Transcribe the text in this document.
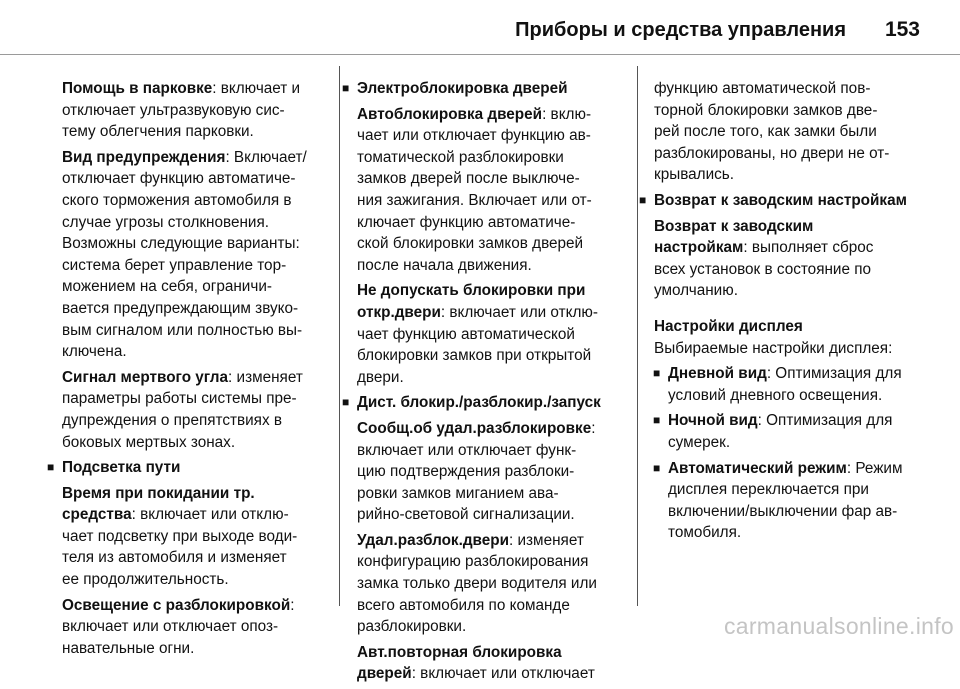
Приборы и средства управления 153
Помощь в парковке: включает и
отключает ультразвуковую сис-
тему облегчения парковки.
Вид предупреждения: Включает/
отключает функцию автоматиче-
ского торможения автомобиля в
случае угрозы столкновения.
Возможны следующие варианты:
система берет управление тор-
можением на себя, ограничи-
вается предупреждающим звуко-
вым сигналом или полностью вы-
ключена.
Сигнал мертвого угла: изменяет
параметры работы системы пре-
дупреждения о препятствиях в
боковых мертвых зонах.
■ Подсветка пути
Время при покидании тр.
средства: включает или отклю-
чает подсветку при выходе води-
теля из автомобиля и изменяет
ее продолжительность.
Освещение с разблокировкой:
включает или отключает опоз-
навательные огни.
■ Электроблокировка дверей
Автоблокировка дверей: вклю-
чает или отключает функцию ав-
томатической разблокировки
замков дверей после выключе-
ния зажигания. Включает или от-
ключает функцию автоматиче-
ской блокировки замков дверей
после начала движения.
Не допускать блокировки при
откр.двери: включает или отклю-
чает функцию автоматической
блокировки замков при открытой
двери.
■ Дист. блокир./разблокир./запуск
Сообщ.об удал.разблокировке:
включает или отключает функ-
цию подтверждения разблоки-
ровки замков миганием ава-
рийно-световой сигнализации.
Удал.разблок.двери: изменяет
конфигурацию разблокирования
замка только двери водителя или
всего автомобиля по команде
разблокировки.
Авт.повторная блокировка
дверей: включает или отключает
функцию автоматической пов-
торной блокировки замков две-
рей после того, как замки были
разблокированы, но двери не от-
крывались.
■ Возврат к заводским настройкам
Возврат к заводским
настройкам: выполняет сброс
всех установок в состояние по
умолчанию.
Настройки дисплея
Выбираемые настройки дисплея:
■ Дневной вид: Оптимизация для
условий дневного освещения.
■ Ночной вид: Оптимизация для
сумерек.
■ Автоматический режим: Режим
дисплея переключается при
включении/выключении фар ав-
томобиля.
carmanualsonline.info
